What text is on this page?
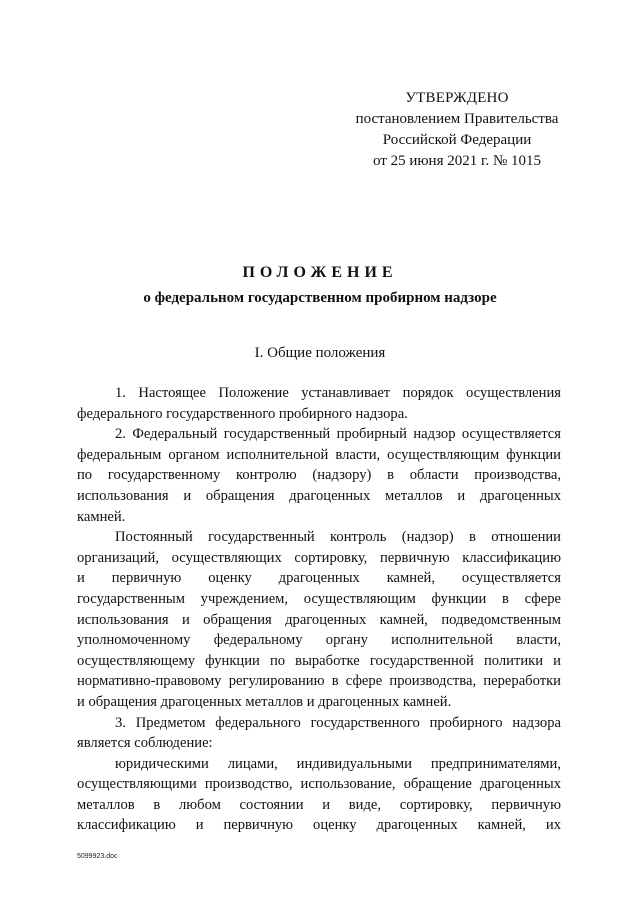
УТВЕРЖДЕНО
постановлением Правительства
Российской Федерации
от 25 июня 2021 г. № 1015
ПОЛОЖЕНИЕ
о федеральном государственном пробирном надзоре
I. Общие положения
1. Настоящее Положение устанавливает порядок осуществления
федерального государственного пробирного надзора.
2. Федеральный государственный пробирный надзор осуществляется
федеральным органом исполнительной власти, осуществляющим функции
по государственному контролю (надзору) в области производства,
использования и обращения драгоценных металлов и драгоценных
камней.
Постоянный государственный контроль (надзор) в отношении
организаций, осуществляющих сортировку, первичную классификацию
и первичную оценку драгоценных камней, осуществляется
государственным учреждением, осуществляющим функции в сфере
использования и обращения драгоценных камней, подведомственным
уполномоченному федеральному органу исполнительной власти,
осуществляющему функции по выработке государственной политики и
нормативно-правовому регулированию в сфере производства, переработки
и обращения драгоценных металлов и драгоценных камней.
3. Предметом федерального государственного пробирного надзора
является соблюдение:
юридическими лицами, индивидуальными предпринимателями,
осуществляющими производство, использование, обращение драгоценных
металлов в любом состоянии и виде, сортировку, первичную
классификацию и первичную оценку драгоценных камней, их
5099923.doc
